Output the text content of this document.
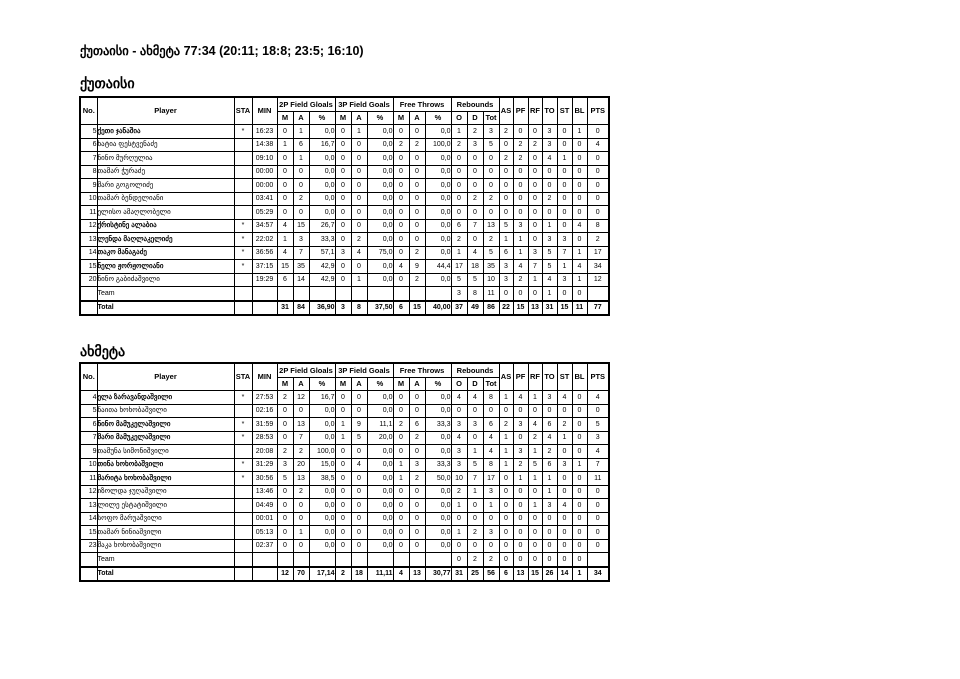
ქუთაისი - ახმეტა 77:34 (20:11; 18:8; 23:5; 16:10)
ქუთაისი
No.	Player	STA	MIN	2P Field Gloals			3P Field Goals			Free Throws			Rebounds			AS	PF	RF	TO	ST	BL	PTS
				M	A	%	M	A	%	M	A	%	O	D	Tot							
5	ქეთი ჯანაშია	*	16:23	0	1	0,0	0	1	0,0	0	0	0,0	1	2	3	2	0	0	3	0	1	0
6	ხატია ფესტვენაძე		14:38	1	6	16,7	0	0	0,0	2	2	100,0	2	3	5	0	2	2	3	0	0	4
7	ნინო მურღულია		09:10	0	1	0,0	0	0	0,0	0	0	0,0	0	0	0	2	2	0	4	1	0	0
8	თამარ ჭურაძე		00:00	0	0	0,0	0	0	0,0	0	0	0,0	0	0	0	0	0	0	0	0	0	0
9	მარი გოგოლიძე		00:00	0	0	0,0	0	0	0,0	0	0	0,0	0	0	0	0	0	0	0	0	0	0
10	თამარ ბენდელიანი		03:41	0	2	0,0	0	0	0,0	0	0	0,0	0	2	2	0	0	0	2	0	0	0
11	ელისო ამაღლობელი		05:29	0	0	0,0	0	0	0,0	0	0	0,0	0	0	0	0	0	0	0	0	0	0
12	ქრისტინე ალაბია	*	34:57	4	15	26,7	0	0	0,0	0	0	0,0	6	7	13	5	3	0	1	0	4	8
13	ლენდა მაღლაკელიძე	*	22:02	1	3	33,3	0	2	0,0	0	0	0,0	2	0	2	1	1	0	3	3	0	2
14	თაკო მანაგაძე	*	36:56	4	7	57,1	3	4	75,0	0	2	0,0	1	4	5	6	1	3	5	7	1	17
15	ნელი ჟორჟოლიანი	*	37:15	15	35	42,9	0	0	0,0	4	9	44,4	17	18	35	3	4	7	5	1	4	34
20	ნინო გაბიძაშვილი		19:29	6	14	42,9	0	1	0,0	0	2	0,0	5	5	10	3	2	1	4	3	1	12
	Team												3	8	11	0	0	0	1	0	0	
	Total			31	84	36,90	3	8	37,50	6	15	40,00	37	49	86	22	15	13	31	15	11	77
ახმეტა
No.	Player	STA	MIN	2P Field Gloals			3P Field Goals			Free Throws			Rebounds			AS	PF	RF	TO	ST	BL	PTS
				M	A	%	M	A	%	M	A	%	O	D	Tot							
4	ელა ზარავანდაშვილი	*	27:53	2	12	16,7	0	0	0,0	0	0	0,0	4	4	8	1	4	1	3	4	0	4
5	ნაითა ხოხობაშვილი		02:16	0	0	0,0	0	0	0,0	0	0	0,0	0	0	0	0	0	0	0	0	0	0
6	ნინო მამუკელაშვილი	*	31:59	0	13	0,0	1	9	11,1	2	6	33,3	3	3	6	2	3	4	6	2	0	5
7	მარი მამუკელაშვილი	*	28:53	0	7	0,0	1	5	20,0	0	2	0,0	4	0	4	1	0	2	4	1	0	3
9	თამუნა სიმონიშვილი		20:08	2	2	100,0	0	0	0,0	0	0	0,0	3	1	4	1	3	1	2	0	0	4
10	თინა ხოხობაშვილი	*	31:29	3	20	15,0	0	4	0,0	1	3	33,3	3	5	8	1	2	5	6	3	1	7
11	მარიტა ხოხობაშვილი	*	30:56	5	13	38,5	0	0	0,0	1	2	50,0	10	7	17	0	1	1	1	0	0	11
12	იზოლდა ჯუღაშვილი		13:46	0	2	0,0	0	0	0,0	0	0	0,0	2	1	3	0	0	0	1	0	0	0
13	ლილე ესტატიშვილი		04:49	0	0	0,0	0	0	0,0	0	0	0,0	1	0	1	0	0	1	3	4	0	0
14	სოფო მარუაშვილი		00:01	0	0	0,0	0	0	0,0	0	0	0,0	0	0	0	0	0	0	0	0	0	0
15	თამარ ნინიაშვილი		05:13	0	1	0,0	0	0	0,0	0	0	0,0	1	2	3	0	0	0	0	0	0	0
23	მაკა ხოხობაშვილი		02:37	0	0	0,0	0	0	0,0	0	0	0,0	0	0	0	0	0	0	0	0	0	0
	Team												0	2	2	0	0	0	0	0	0	
	Total			12	70	17,14	2	18	11,11	4	13	30,77	31	25	56	6	13	15	26	14	1	34
